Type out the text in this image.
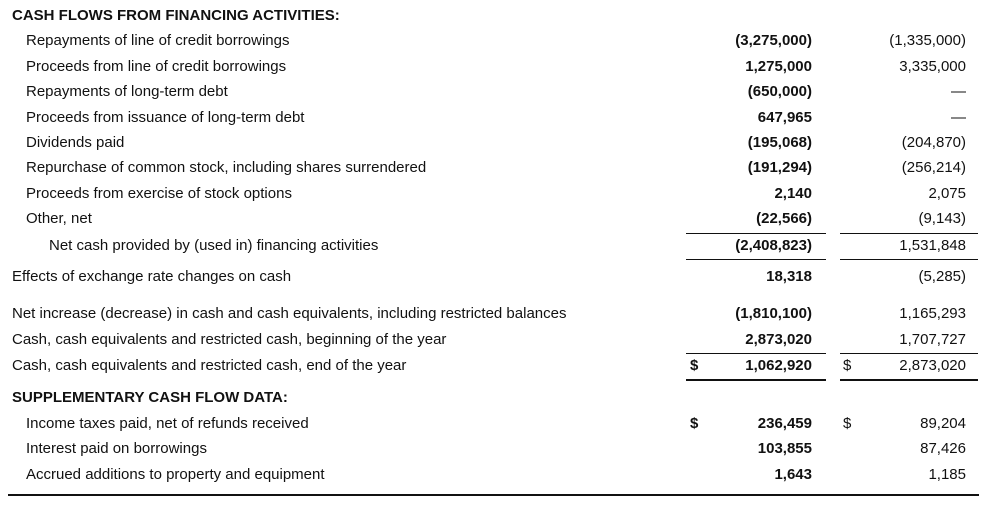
CASH FLOWS FROM FINANCING ACTIVITIES:
Repayments of line of credit borrowings	(3,275,000)	(1,335,000)
Proceeds from line of credit borrowings	1,275,000	3,335,000
Repayments of long-term debt	(650,000)	—
Proceeds from issuance of long-term debt	647,965	—
Dividends paid	(195,068)	(204,870)
Repurchase of common stock, including shares surrendered	(191,294)	(256,214)
Proceeds from exercise of stock options	2,140	2,075
Other, net	(22,566)	(9,143)
Net cash provided by (used in) financing activities	(2,408,823)	1,531,848
Effects of exchange rate changes on cash	18,318	(5,285)
Net increase (decrease) in cash and cash equivalents, including restricted balances	(1,810,100)	1,165,293
Cash, cash equivalents and restricted cash, beginning of the year	2,873,020	1,707,727
Cash, cash equivalents and restricted cash, end of the year	$	1,062,920 $	2,873,020
SUPPLEMENTARY CASH FLOW DATA:
Income taxes paid, net of refunds received	$	236,459 $	89,204
Interest paid on borrowings	103,855	87,426
Accrued additions to property and equipment	1,643	1,185
